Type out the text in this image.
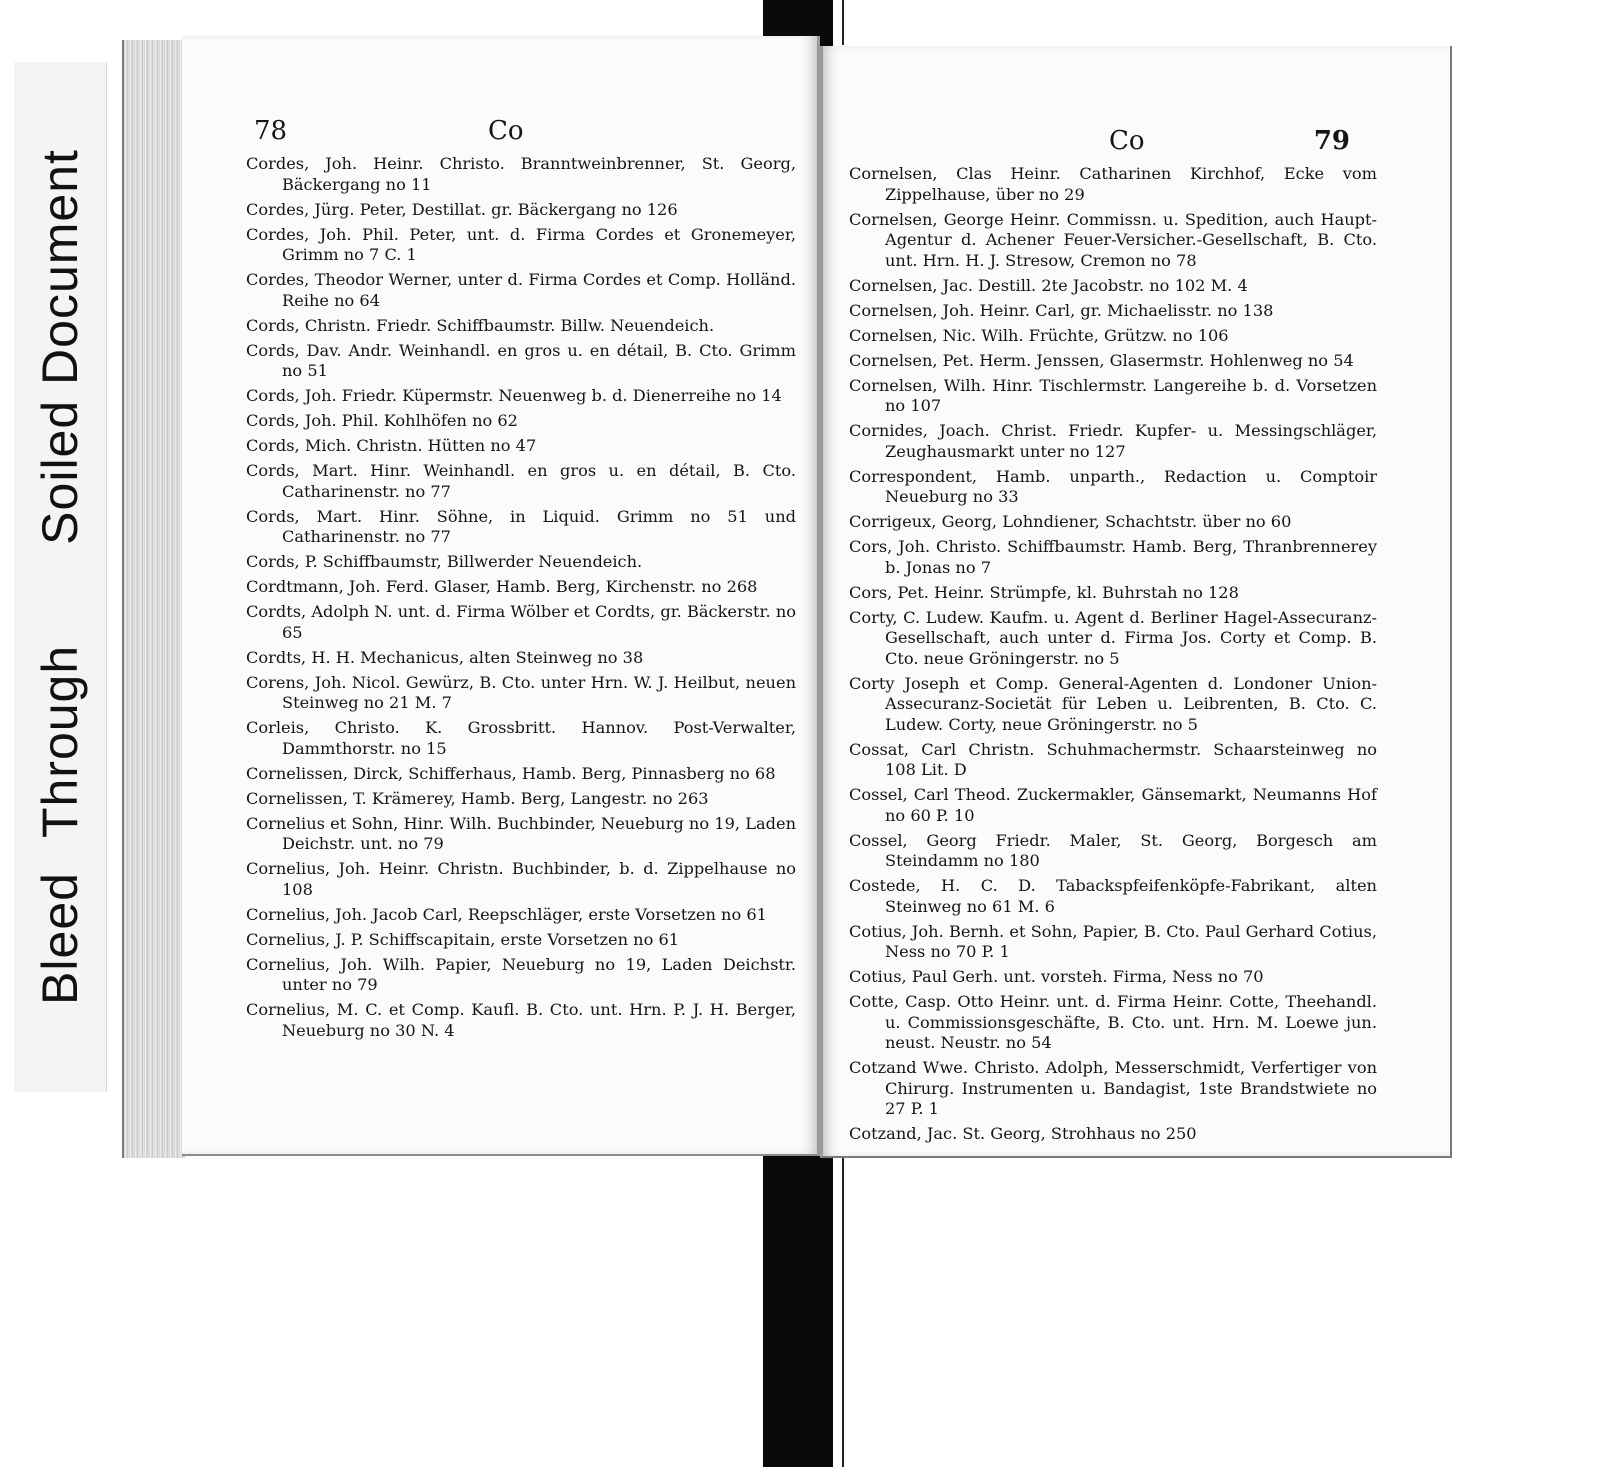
BleedThroughSoiled Document
78	Co
Cordes, Joh. Heinr. Christo. Branntweinbrenner, St. Georg, Bäckergang no 11
Cordes, Jürg. Peter, Destillat. gr. Bäckergang no 126
Cordes, Joh. Phil. Peter, unt. d. Firma Cordes et Gronemeyer, Grimm no 7 C. 1
Cordes, Theodor Werner, unter d. Firma Cordes et Comp. Holländ. Reihe no 64
Cords, Christn. Friedr. Schiffbaumstr. Billw. Neuendeich.
Cords, Dav. Andr. Weinhandl. en gros u. en détail, B. Cto. Grimm no 51
Cords, Joh. Friedr. Küpermstr. Neuenweg b. d. Dienerreihe no 14
Cords, Joh. Phil. Kohlhöfen no 62
Cords, Mich. Christn. Hütten no 47
Cords, Mart. Hinr. Weinhandl. en gros u. en détail, B. Cto. Catharinenstr. no 77
Cords, Mart. Hinr. Söhne, in Liquid. Grimm no 51 und Catharinenstr. no 77
Cords, P. Schiffbaumstr, Billwerder Neuendeich.
Cordtmann, Joh. Ferd. Glaser, Hamb. Berg, Kirchenstr. no 268
Cordts, Adolph N. unt. d. Firma Wölber et Cordts, gr. Bäckerstr. no 65
Cordts, H. H. Mechanicus, alten Steinweg no 38
Corens, Joh. Nicol. Gewürz, B. Cto. unter Hrn. W. J. Heilbut, neuen Steinweg no 21 M. 7
Corleis, Christo. K. Grossbritt. Hannov. Post-Verwalter, Dammthorstr. no 15
Cornelissen, Dirck, Schifferhaus, Hamb. Berg, Pinnasberg no 68
Cornelissen, T. Krämerey, Hamb. Berg, Langestr. no 263
Cornelius et Sohn, Hinr. Wilh. Buchbinder, Neueburg no 19, Laden Deichstr. unt. no 79
Cornelius, Joh. Heinr. Christn. Buchbinder, b. d. Zippelhause no 108
Cornelius, Joh. Jacob Carl, Reepschläger, erste Vorsetzen no 61
Cornelius, J. P. Schiffscapitain, erste Vorsetzen no 61
Cornelius, Joh. Wilh. Papier, Neueburg no 19, Laden Deichstr. unter no 79
Cornelius, M. C. et Comp. Kaufl. B. Cto. unt. Hrn. P. J. H. Berger, Neueburg no 30 N. 4
Co	79
Cornelsen, Clas Heinr. Catharinen Kirchhof, Ecke vom Zippelhause, über no 29
Cornelsen, George Heinr. Commissn. u. Spedition, auch Haupt-Agentur d. Achener Feuer-Versicher.-Gesellschaft, B. Cto. unt. Hrn. H. J. Stresow, Cremon no 78
Cornelsen, Jac. Destill. 2te Jacobstr. no 102 M. 4
Cornelsen, Joh. Heinr. Carl, gr. Michaelisstr. no 138
Cornelsen, Nic. Wilh. Früchte, Grützw. no 106
Cornelsen, Pet. Herm. Jenssen, Glasermstr. Hohlenweg no 54
Cornelsen, Wilh. Hinr. Tischlermstr. Langereihe b. d. Vorsetzen no 107
Cornides, Joach. Christ. Friedr. Kupfer- u. Messingschläger, Zeughausmarkt unter no 127
Correspondent, Hamb. unparth., Redaction u. Comptoir Neueburg no 33
Corrigeux, Georg, Lohndiener, Schachtstr. über no 60
Cors, Joh. Christo. Schiffbaumstr. Hamb. Berg, Thranbrennerey b. Jonas no 7
Cors, Pet. Heinr. Strümpfe, kl. Buhrstah no 128
Corty, C. Ludew. Kaufm. u. Agent d. Berliner Hagel-Assecuranz-Gesellschaft, auch unter d. Firma Jos. Corty et Comp. B. Cto. neue Gröningerstr. no 5
Corty Joseph et Comp. General-Agenten d. Londoner Union-Assecuranz-Societät für Leben u. Leibrenten, B. Cto. C. Ludew. Corty, neue Gröningerstr. no 5
Cossat, Carl Christn. Schuhmachermstr. Schaarsteinweg no 108 Lit. D
Cossel, Carl Theod. Zuckermakler, Gänsemarkt, Neumanns Hof no 60 P. 10
Cossel, Georg Friedr. Maler, St. Georg, Borgesch am Steindamm no 180
Costede, H. C. D. Tabackspfeifenköpfe-Fabrikant, alten Steinweg no 61 M. 6
Cotius, Joh. Bernh. et Sohn, Papier, B. Cto. Paul Gerhard Cotius, Ness no 70 P. 1
Cotius, Paul Gerh. unt. vorsteh. Firma, Ness no 70
Cotte, Casp. Otto Heinr. unt. d. Firma Heinr. Cotte, Theehandl. u. Commissionsgeschäfte, B. Cto. unt. Hrn. M. Loewe jun. neust. Neustr. no 54
Cotzand Wwe. Christo. Adolph, Messerschmidt, Verfertiger von Chirurg. Instrumenten u. Bandagist, 1ste Brandstwiete no 27 P. 1
Cotzand, Jac. St. Georg, Strohhaus no 250
